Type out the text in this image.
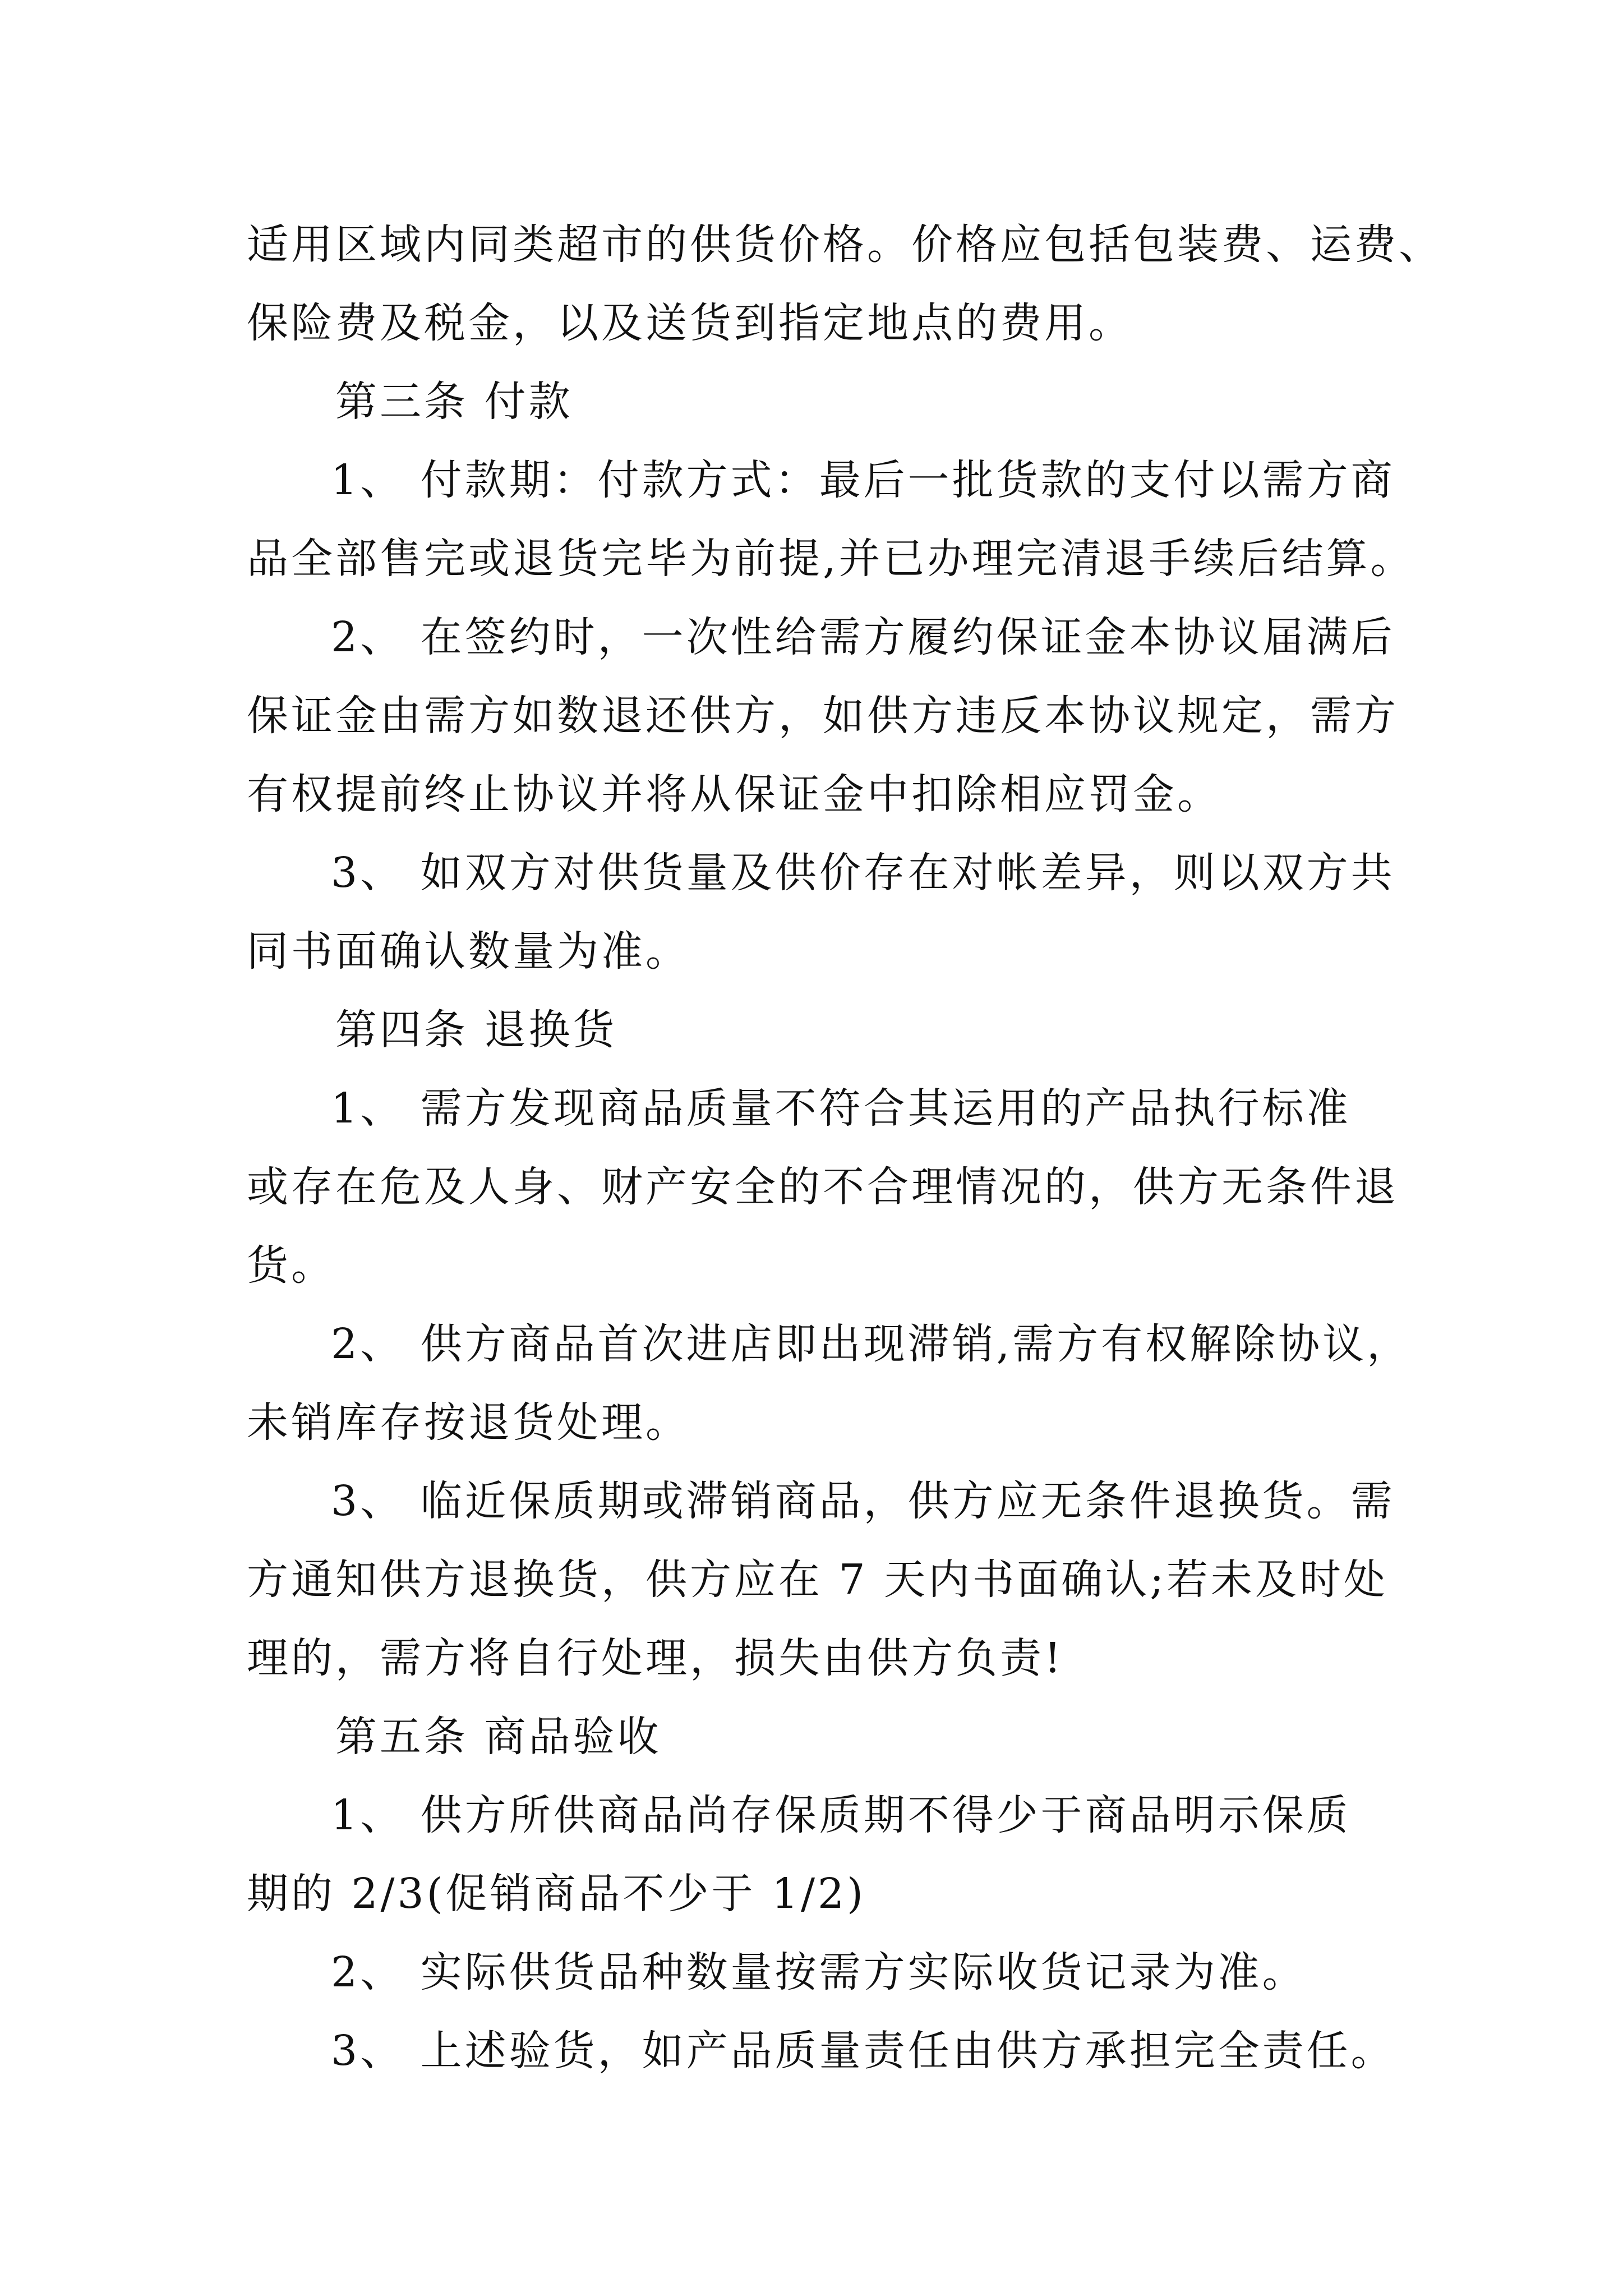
适用区域内同类超市的供货价格。价格应包括包装费、运费、
保险费及税金，以及送货到指定地点的费用。
第三条 付款
1、 付款期：付款方式：最后一批货款的支付以需方商
品全部售完或退货完毕为前提,并已办理完清退手续后结算。
2、 在签约时，一次性给需方履约保证金本协议届满后
保证金由需方如数退还供方，如供方违反本协议规定，需方
有权提前终止协议并将从保证金中扣除相应罚金。
3、 如双方对供货量及供价存在对帐差异，则以双方共
同书面确认数量为准。
第四条 退换货
1、 需方发现商品质量不符合其运用的产品执行标准
或存在危及人身、财产安全的不合理情况的，供方无条件退
货。
2、 供方商品首次进店即出现滞销,需方有权解除协议，
未销库存按退货处理。
3、 临近保质期或滞销商品，供方应无条件退换货。需
方通知供方退换货，供方应在 7 天内书面确认;若未及时处
理的，需方将自行处理，损失由供方负责!
第五条 商品验收
1、 供方所供商品尚存保质期不得少于商品明示保质
期的 2/3(促销商品不少于 1/2)
2、 实际供货品种数量按需方实际收货记录为准。
3、 上述验货，如产品质量责任由供方承担完全责任。
